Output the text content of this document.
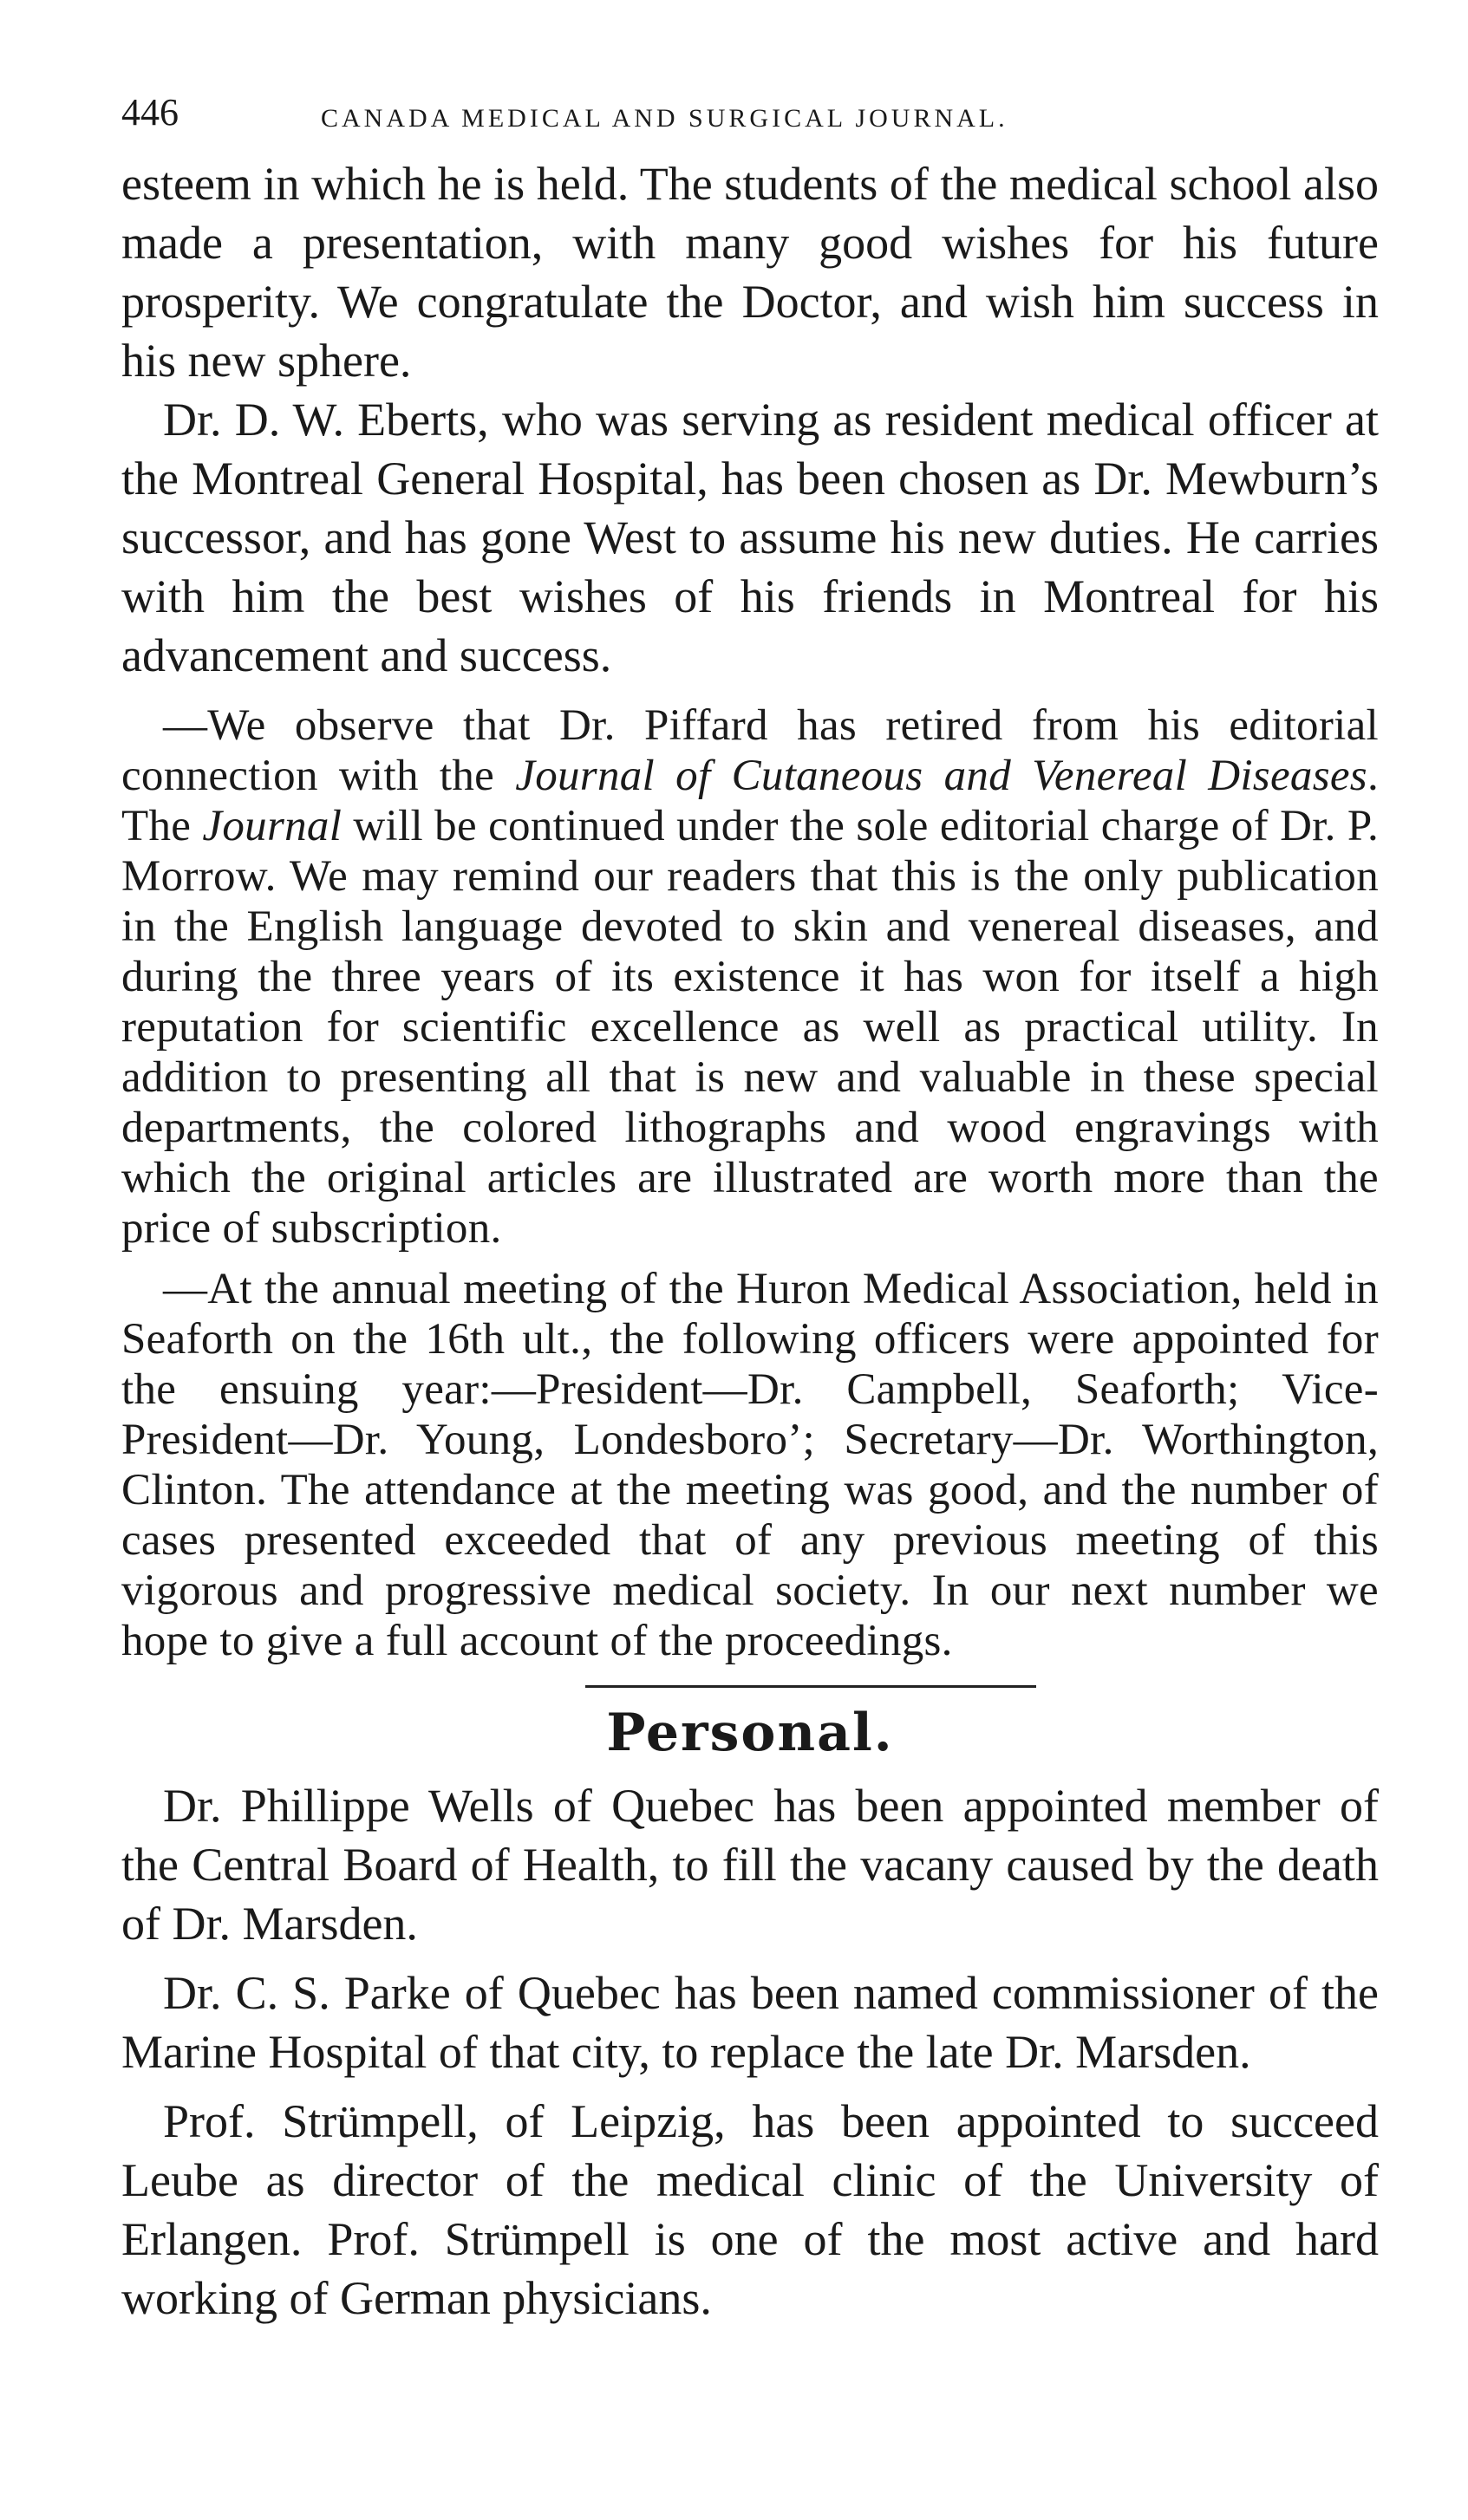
446	CANADA MEDICAL AND SURGICAL JOURNAL.

esteem in which he is held. The students of the medical school also made a presentation, with many good wishes for his future prosperity. We congratulate the Doctor, and wish him success in his new sphere.

Dr. D. W. Eberts, who was serving as resident medical officer at the Montreal General Hospital, has been chosen as Dr. Mewburn’s successor, and has gone West to assume his new duties. He carries with him the best wishes of his friends in Montreal for his advancement and success.

—We observe that Dr. Piffard has retired from his editorial connection with the Journal of Cutaneous and Venereal Diseases. The Journal will be continued under the sole editorial charge of Dr. P. Morrow. We may remind our readers that this is the only publication in the English language devoted to skin and venereal diseases, and during the three years of its existence it has won for itself a high reputation for scientific excellence as well as practical utility. In addition to presenting all that is new and valuable in these special departments, the colored lithographs and wood engravings with which the original articles are illustrated are worth more than the price of subscription.

—At the annual meeting of the Huron Medical Association, held in Seaforth on the 16th ult., the following officers were appointed for the ensuing year:—President—Dr. Campbell, Seaforth; Vice-President—Dr. Young, Londesboro’; Secretary—Dr. Worthington, Clinton. The attendance at the meeting was good, and the number of cases presented exceeded that of any previous meeting of this vigorous and progressive medical society. In our next number we hope to give a full account of the proceedings.

Personal.

Dr. Phillippe Wells of Quebec has been appointed member of the Central Board of Health, to fill the vacany caused by the death of Dr. Marsden.

Dr. C. S. Parke of Quebec has been named commissioner of the Marine Hospital of that city, to replace the late Dr. Marsden.

Prof. Strümpell, of Leipzig, has been appointed to succeed Leube as director of the medical clinic of the University of Erlangen. Prof. Strümpell is one of the most active and hard working of German physicians.
